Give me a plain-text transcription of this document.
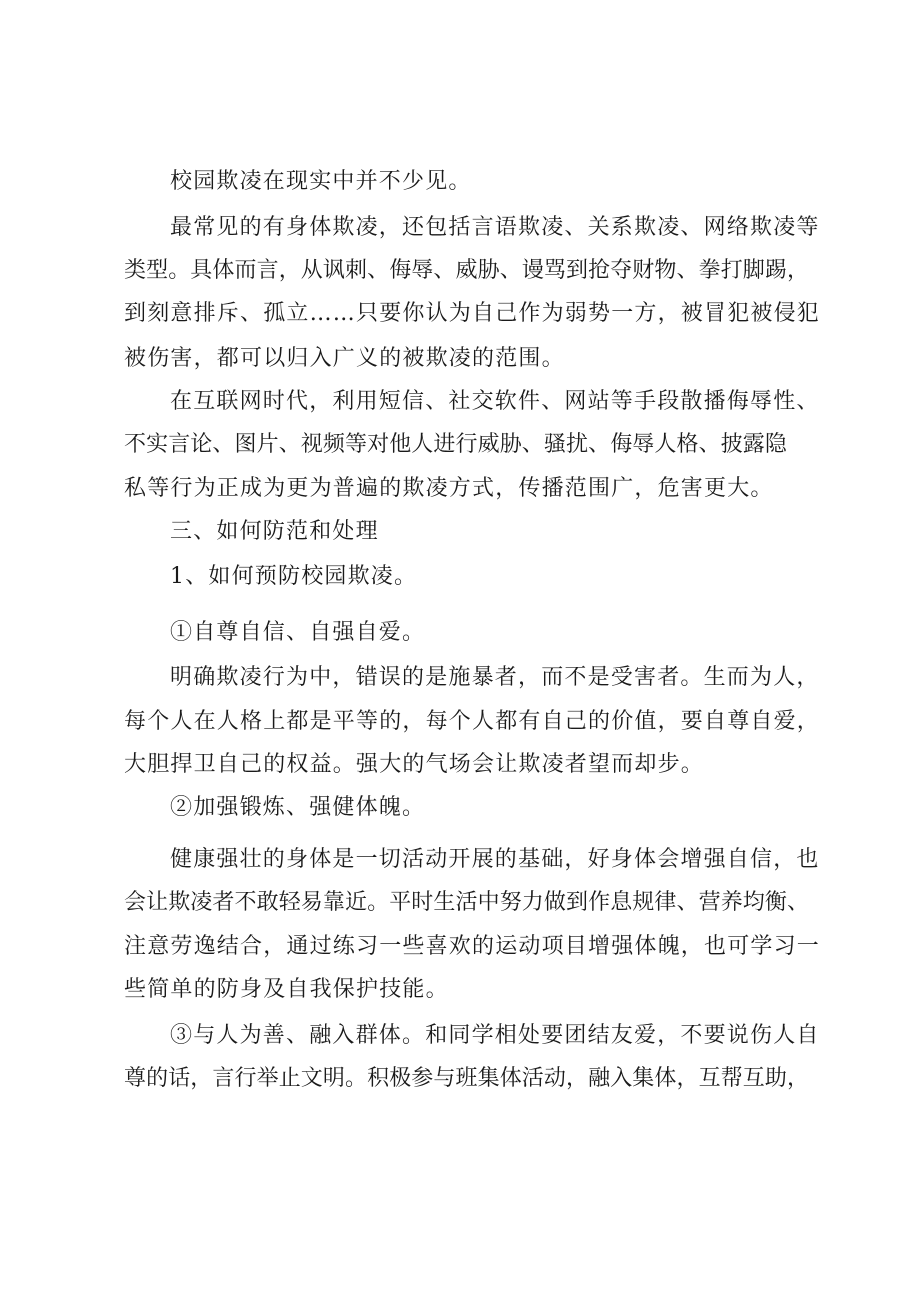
校园欺凌在现实中并不少见。
最常见的有身体欺凌，还包括言语欺凌、关系欺凌、网络欺凌等
类型。具体而言，从讽刺、侮辱、威胁、谩骂到抢夺财物、拳打脚踢，
到刻意排斥、孤立……只要你认为自己作为弱势一方，被冒犯被侵犯
被伤害，都可以归入广义的被欺凌的范围。
在互联网时代，利用短信、社交软件、网站等手段散播侮辱性、
不实言论、图片、视频等对他人进行威胁、骚扰、侮辱人格、披露隐
私等行为正成为更为普遍的欺凌方式，传播范围广，危害更大。
三、如何防范和处理
1、如何预防校园欺凌。
①自尊自信、自强自爱。
明确欺凌行为中，错误的是施暴者，而不是受害者。生而为人，
每个人在人格上都是平等的，每个人都有自己的价值，要自尊自爱，
大胆捍卫自己的权益。强大的气场会让欺凌者望而却步。
②加强锻炼、强健体魄。
健康强壮的身体是一切活动开展的基础，好身体会增强自信，也
会让欺凌者不敢轻易靠近。平时生活中努力做到作息规律、营养均衡、
注意劳逸结合，通过练习一些喜欢的运动项目增强体魄，也可学习一
些简单的防身及自我保护技能。
③与人为善、融入群体。和同学相处要团结友爱，不要说伤人自
尊的话，言行举止文明。积极参与班集体活动，融入集体，互帮互助，
